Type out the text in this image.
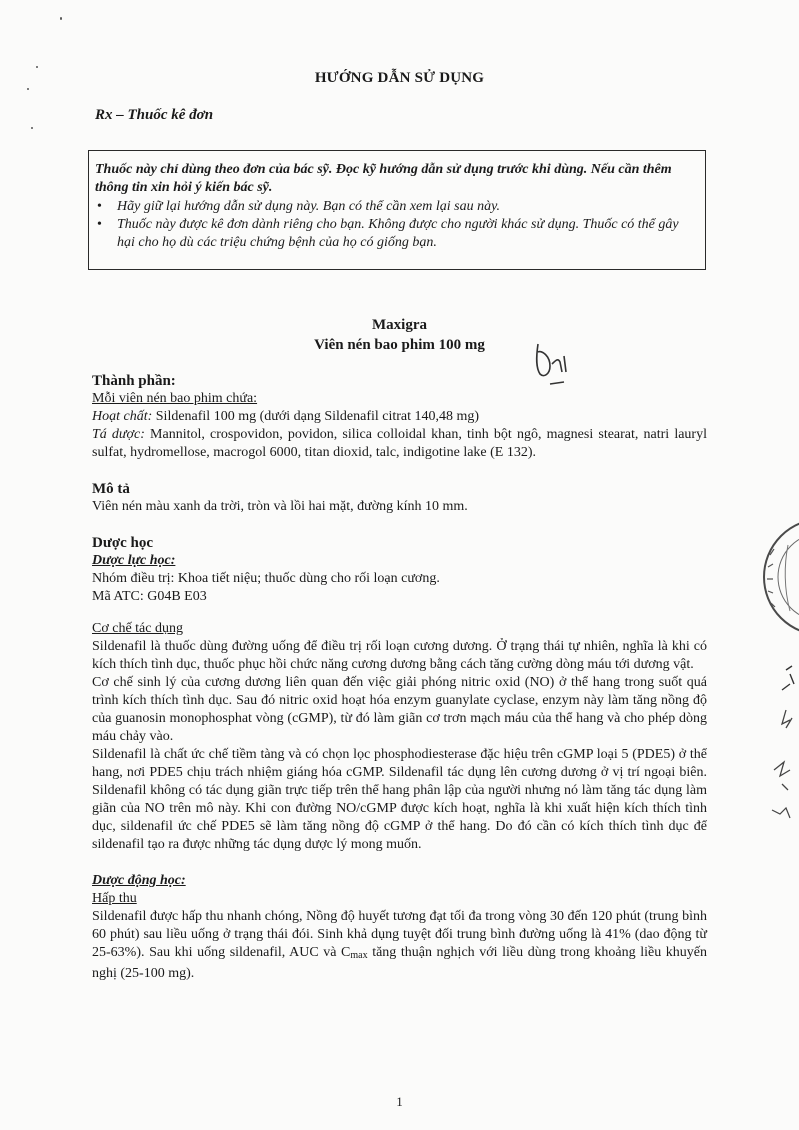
HƯỚNG DẪN SỬ DỤNG
Rx – Thuốc kê đơn
Thuốc này chỉ dùng theo đơn của bác sỹ. Đọc kỹ hướng dẫn sử dụng trước khi dùng. Nếu cần thêm thông tin xin hỏi ý kiến bác sỹ.
• Hãy giữ lại hướng dẫn sử dụng này. Bạn có thể cần xem lại sau này.
• Thuốc này được kê đơn dành riêng cho bạn. Không được cho người khác sử dụng. Thuốc có thể gây hại cho họ dù các triệu chứng bệnh của họ có giống bạn.
Maxigra
Viên nén bao phim 100 mg

Thành phần:

Mỗi viên nén bao phim chứa:

Hoạt chất: Sildenafil 100 mg (dưới dạng Sildenafil citrat 140,48 mg)

Tá dược: Mannitol, crospovidon, povidon, silica colloidal khan, tinh bột ngô, magnesi stearat, natri lauryl sulfat, hydromellose, macrogol 6000, titan dioxid, talc, indigotine lake (E 132).

Mô tả

Viên nén màu xanh da trời, tròn và lồi hai mặt, đường kính 10 mm.

Dược học

Dược lực học:

Nhóm điều trị: Khoa tiết niệu; thuốc dùng cho rối loạn cương.

Mã ATC: G04B E03

Cơ chế tác dụng

Sildenafil là thuốc dùng đường uống để điều trị rối loạn cương dương. Ở trạng thái tự nhiên, nghĩa là khi có kích thích tình dục, thuốc phục hồi chức năng cương dương bằng cách tăng cường dòng máu tới dương vật.

Cơ chế sinh lý của cương dương liên quan đến việc giải phóng nitric oxid (NO) ở thể hang trong suốt quá trình kích thích tình dục. Sau đó nitric oxid hoạt hóa enzym guanylate cyclase, enzym này làm tăng nồng độ của guanosin monophosphat vòng (cGMP), từ đó làm giãn cơ trơn mạch máu của thể hang và cho phép dòng máu chảy vào.

Sildenafil là chất ức chế tiềm tàng và có chọn lọc phosphodiesterase đặc hiệu trên cGMP loại 5 (PDE5) ở thể hang, nơi PDE5 chịu trách nhiệm giáng hóa cGMP. Sildenafil tác dụng lên cương dương ở vị trí ngoại biên. Sildenafil không có tác dụng giãn trực tiếp trên thể hang phân lập của người nhưng nó làm tăng tác dụng làm giãn của NO trên mô này. Khi con đường NO/cGMP được kích hoạt, nghĩa là khi xuất hiện kích thích tình dục, sildenafil ức chế PDE5 sẽ làm tăng nồng độ cGMP ở thể hang. Do đó cần có kích thích tình dục để sildenafil tạo ra được những tác dụng dược lý mong muốn.

Dược động học:

Hấp thu

Sildenafil được hấp thu nhanh chóng, Nồng độ huyết tương đạt tối đa trong vòng 30 đến 120 phút (trung bình 60 phút) sau liều uống ở trạng thái đói. Sinh khả dụng tuyệt đối trung bình đường uống là 41% (dao động từ 25-63%). Sau khi uống sildenafil, AUC và $C_{max}$ tăng thuận nghịch với liều dùng trong khoảng liều khuyến nghị (25-100 mg).

1
